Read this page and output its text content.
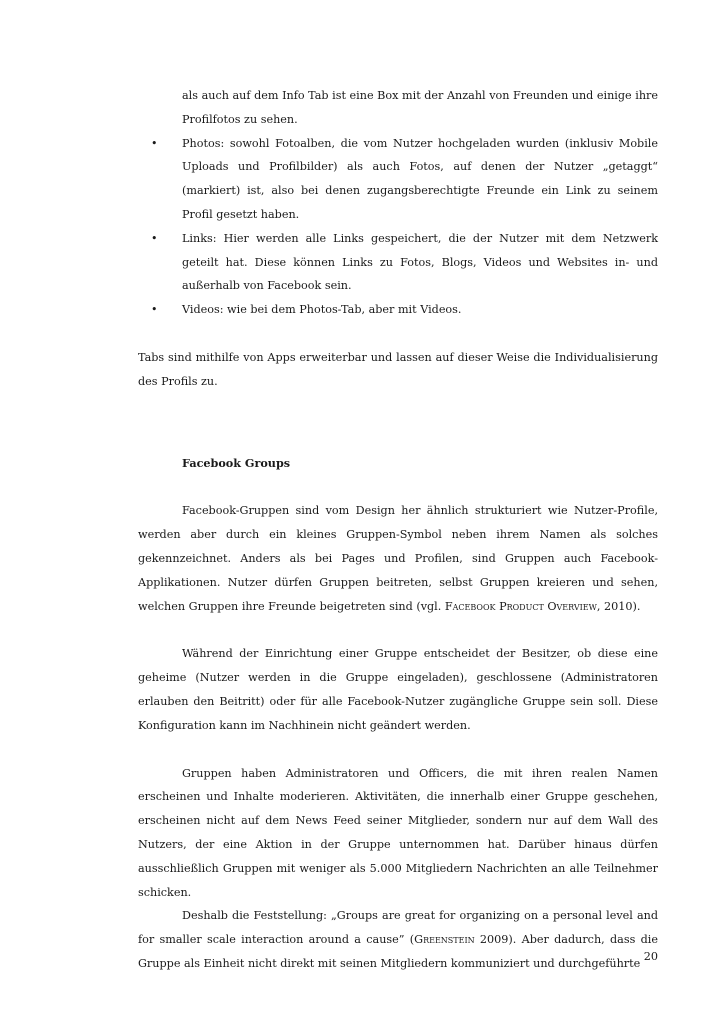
als auch auf dem Info Tab ist eine Box mit der Anzahl von Freunden und einige ihre Profilfotos zu sehen.

• Photos: sowohl Fotoalben, die vom Nutzer hochgeladen wurden (inklusiv Mobile Uploads und Profilbilder) als auch Fotos, auf denen der Nutzer „getaggt“ (markiert) ist, also bei denen zugangsberechtigte Freunde ein Link zu seinem Profil gesetzt haben.
• Links: Hier werden alle Links gespeichert, die der Nutzer mit dem Netzwerk geteilt hat. Diese können Links zu Fotos, Blogs, Videos und Websites in- und außerhalb von Facebook sein.
• Videos: wie bei dem Photos-Tab, aber mit Videos.

Tabs sind mithilfe von Apps erweiterbar und lassen auf dieser Weise die Individualisierung des Profils zu.

Facebook Groups

Facebook-Gruppen sind vom Design her ähnlich strukturiert wie Nutzer-Profile, werden aber durch ein kleines Gruppen-Symbol neben ihrem Namen als solches gekennzeichnet. Anders als bei Pages und Profilen, sind Gruppen auch Facebook-Applikationen. Nutzer dürfen Gruppen beitreten, selbst Gruppen kreieren und sehen, welchen Gruppen ihre Freunde beigetreten sind (vgl. Facebook Product Overview, 2010).

Während der Einrichtung einer Gruppe entscheidet der Besitzer, ob diese eine geheime (Nutzer werden in die Gruppe eingeladen), geschlossene (Administratoren erlauben den Beitritt) oder für alle Facebook-Nutzer zugängliche Gruppe sein soll. Diese Konfiguration kann im Nachhinein nicht geändert werden.

Gruppen haben Administratoren und Officers, die mit ihren realen Namen erscheinen und Inhalte moderieren. Aktivitäten, die innerhalb einer Gruppe geschehen, erscheinen nicht auf dem News Feed seiner Mitglieder, sondern nur auf dem Wall des Nutzers, der eine Aktion in der Gruppe unternommen hat. Darüber hinaus dürfen ausschließlich Gruppen mit weniger als 5.000 Mitgliedern Nachrichten an alle Teilnehmer schicken.

Deshalb die Feststellung: „Groups are great for organizing on a personal level and for smaller scale interaction around a cause” (Greenstein 2009). Aber dadurch, dass die Gruppe als Einheit nicht direkt mit seinen Mitgliedern kommuniziert und durchgeführte

20
